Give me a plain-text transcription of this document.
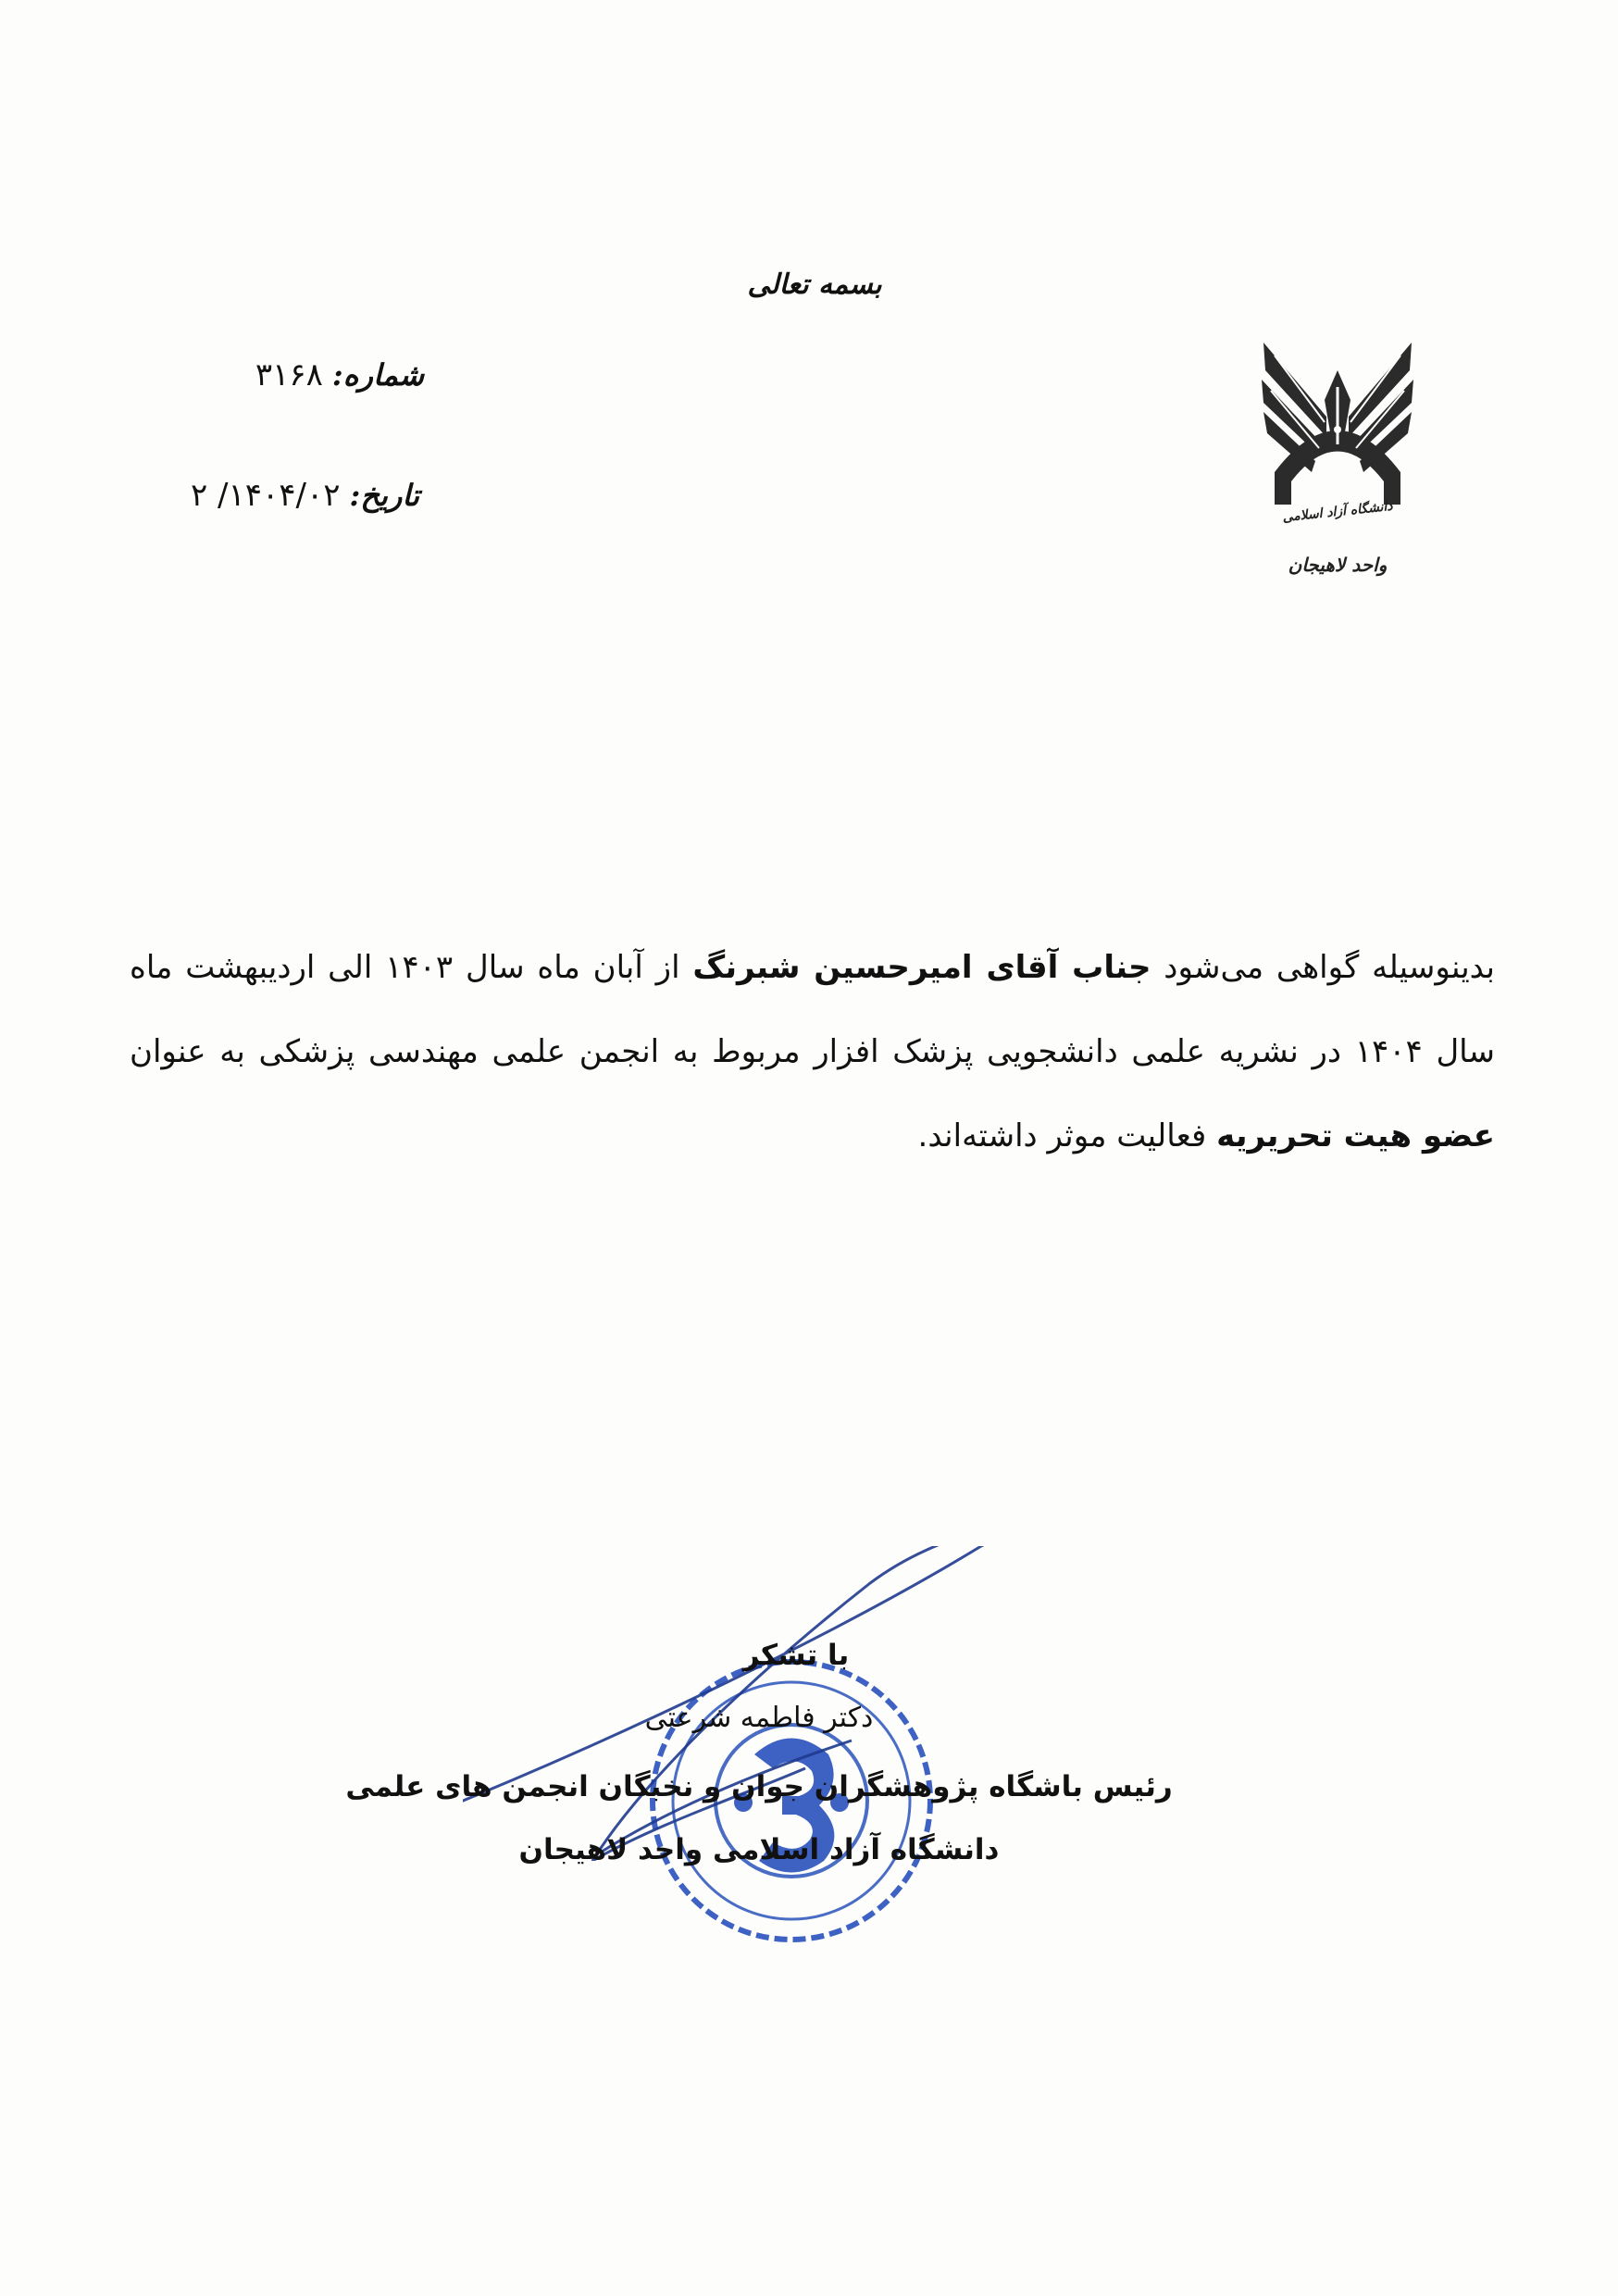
بسمه تعالی
شماره:۳۱۶۸
تاریخ:۱۴۰۴/۰۲/ ۲	دانشگاه آزاد اسلامی
واحد لاهیجان
بدینوسیله گواهی می‌شود جناب آقای امیرحسین شبرنگ از آبان ماه سال ۱۴۰۳ الی اردیبهشت ماه سال ۱۴۰۴ در نشریه علمی دانشجویی پزشک افزار مربوط به انجمن علمی مهندسی پزشکی به عنوان عضو هیت تحریریه فعالیت موثر داشته‌اند.
با تشکر
دکتر فاطمه شرعتی
رئیس باشگاه پژوهشگران جوان و نخبگان انجمن های علمی
دانشگاه آزاد اسلامی واحد لاهیجان
